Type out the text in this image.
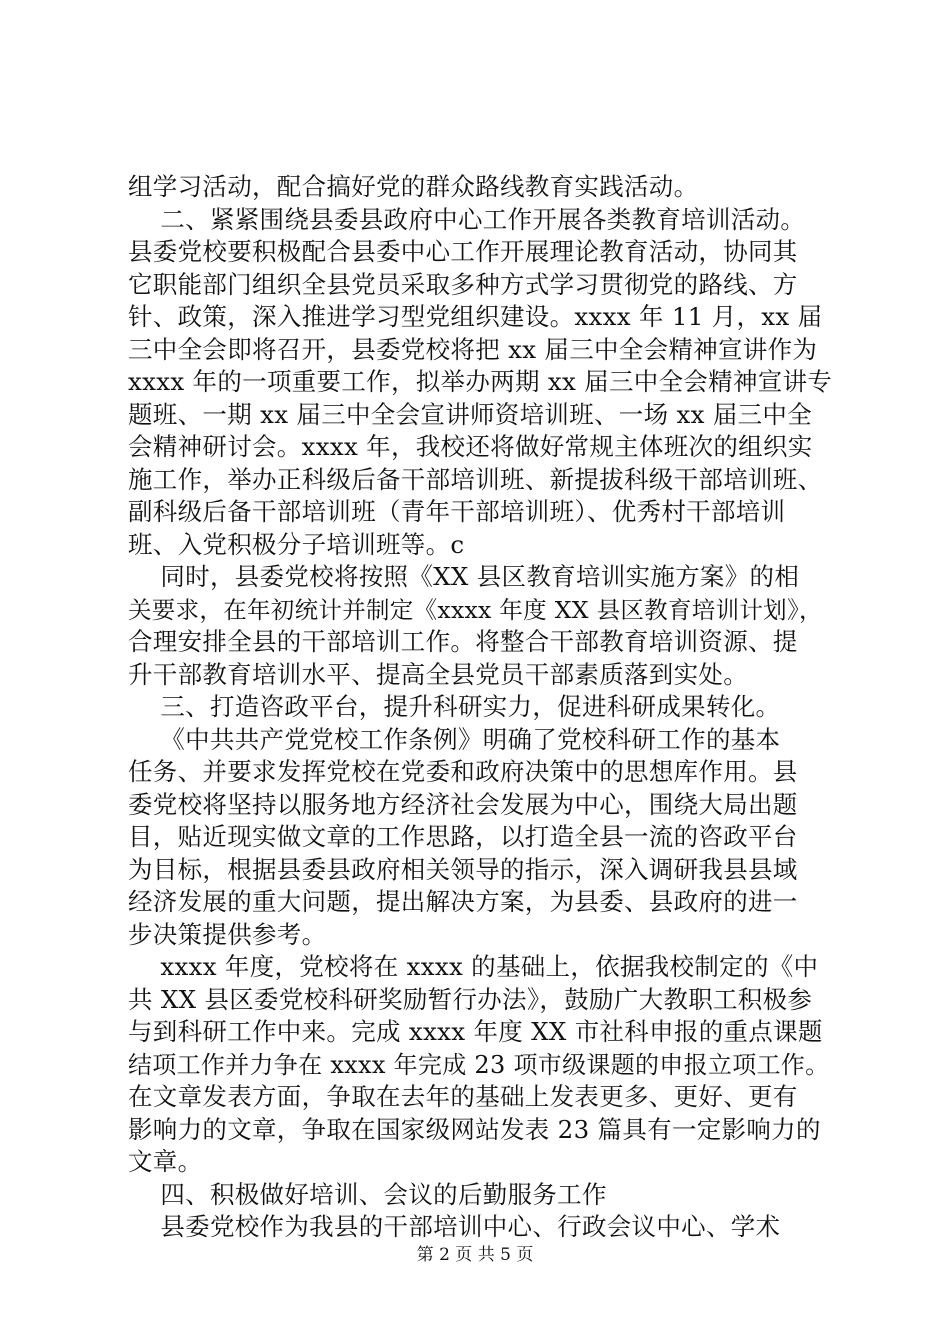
组学习活动，配合搞好党的群众路线教育实践活动。
二、紧紧围绕县委县政府中心工作开展各类教育培训活动。
县委党校要积极配合县委中心工作开展理论教育活动，协同其
它职能部门组织全县党员采取多种方式学习贯彻党的路线、方
针、政策，深入推进学习型党组织建设。xxxx 年 11 月，xx 届
三中全会即将召开，县委党校将把 xx 届三中全会精神宣讲作为
xxxx 年的一项重要工作，拟举办两期 xx 届三中全会精神宣讲专
题班、一期 xx 届三中全会宣讲师资培训班、一场 xx 届三中全
会精神研讨会。xxxx 年，我校还将做好常规主体班次的组织实
施工作，举办正科级后备干部培训班、新提拔科级干部培训班、
副科级后备干部培训班（青年干部培训班）、优秀村干部培训
班、入党积极分子培训班等。c
同时，县委党校将按照《XX 县区教育培训实施方案》的相
关要求，在年初统计并制定《xxxx 年度 XX 县区教育培训计划》，
合理安排全县的干部培训工作。将整合干部教育培训资源、提
升干部教育培训水平、提高全县党员干部素质落到实处。
三、打造咨政平台，提升科研实力，促进科研成果转化。
《中共共产党党校工作条例》明确了党校科研工作的基本
任务、并要求发挥党校在党委和政府决策中的思想库作用。县
委党校将坚持以服务地方经济社会发展为中心，围绕大局出题
目，贴近现实做文章的工作思路，以打造全县一流的咨政平台
为目标，根据县委县政府相关领导的指示，深入调研我县县域
经济发展的重大问题，提出解决方案，为县委、县政府的进一
步决策提供参考。
xxxx 年度，党校将在 xxxx 的基础上，依据我校制定的《中
共 XX 县区委党校科研奖励暂行办法》，鼓励广大教职工积极参
与到科研工作中来。完成 xxxx 年度 XX 市社科申报的重点课题
结项工作并力争在 xxxx 年完成 23 项市级课题的申报立项工作。
在文章发表方面，争取在去年的基础上发表更多、更好、更有
影响力的文章，争取在国家级网站发表 23 篇具有一定影响力的
文章。
四、积极做好培训、会议的后勤服务工作
县委党校作为我县的干部培训中心、行政会议中心、学术
第 2 页 共 5 页
